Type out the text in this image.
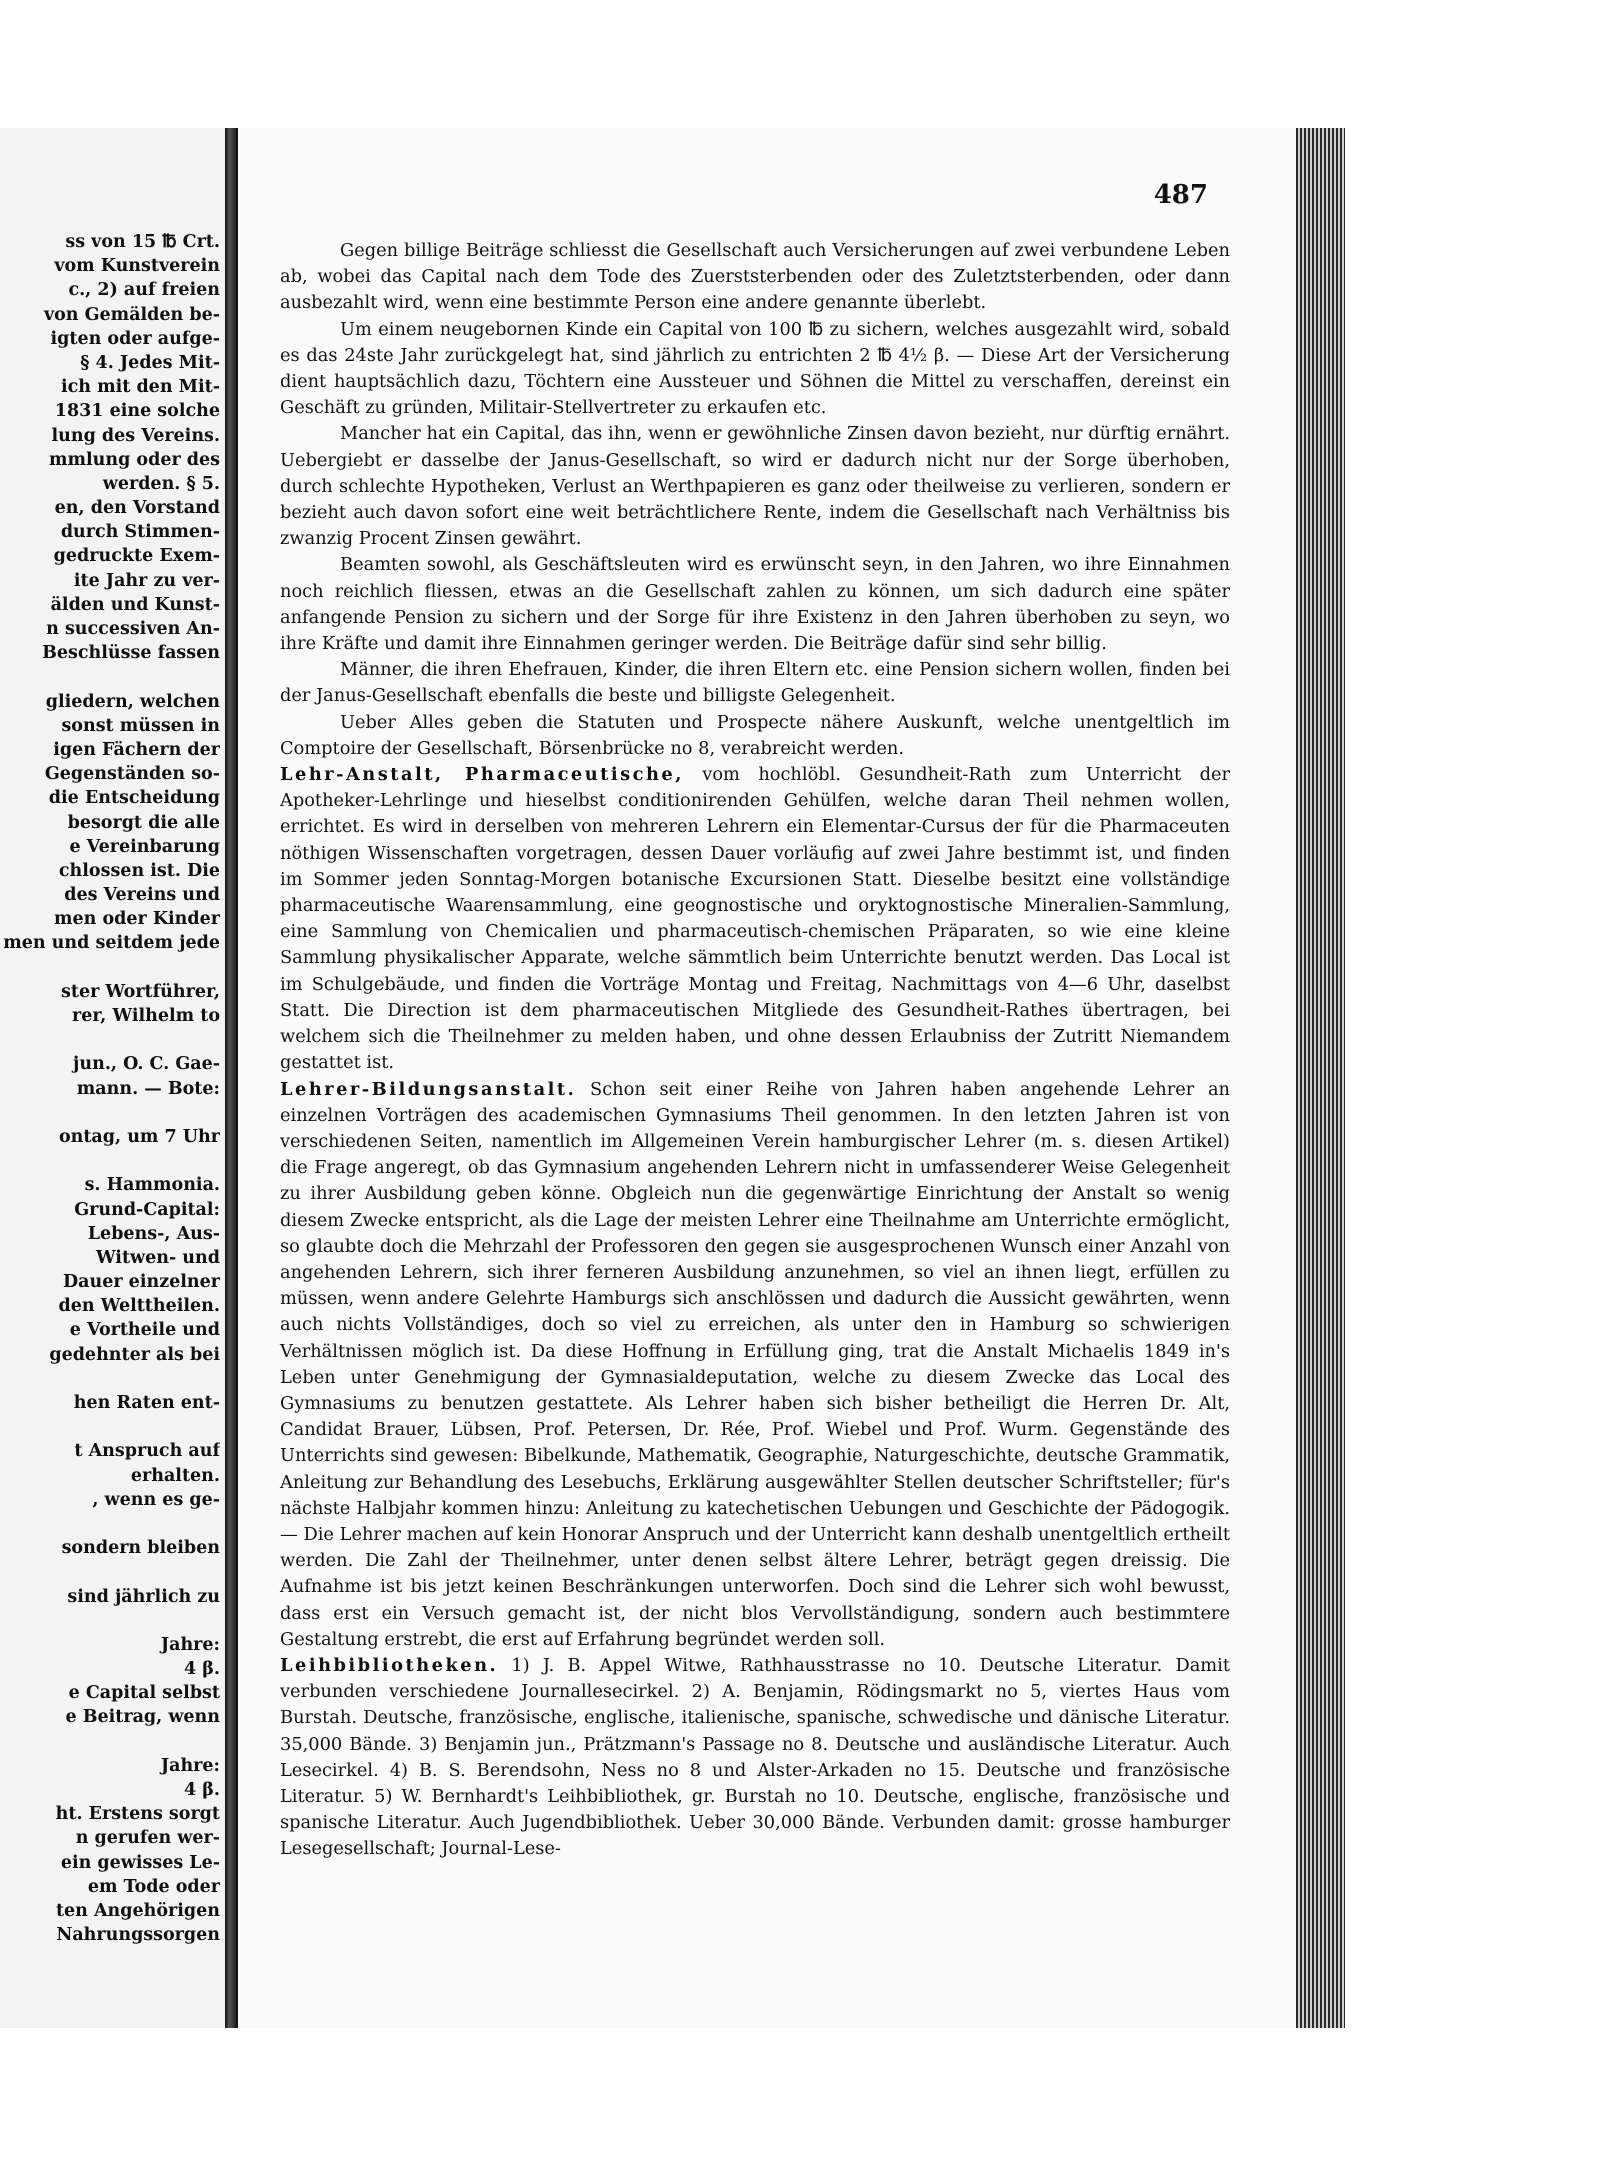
ss von 15 ℔ Crt.
vom Kunstverein
c., 2) auf freien
von Gemälden be-
igten oder aufge-
§ 4. Jedes Mit-
ich mit den Mit-
1831 eine solche
lung des Vereins.
mmlung oder des
werden. § 5.
en, den Vorstand
durch Stimmen-
gedruckte Exem-
ite Jahr zu ver-
älden und Kunst-
n successiven An-
Beschlüsse fassen
gliedern, welchen
sonst müssen in
igen Fächern der
Gegenständen so-
die Entscheidung
besorgt die alle
e Vereinbarung
chlossen ist. Die
des Vereins und
men oder Kinder
men und seitdem jede
ster Wortführer,
rer, Wilhelm to
jun., O. C. Gae-
mann. — Bote:
ontag, um 7 Uhr
s. Hammonia.
Grund-Capital:
Lebens-, Aus-
Witwen- und
Dauer einzelner
den Welttheilen.
e Vortheile und
gedehnter als bei
hen Raten ent-
t Anspruch auf
erhalten.
, wenn es ge-
sondern bleiben
sind jährlich zu
Jahre:
4 β.
e Capital selbst
e Beitrag, wenn
Jahre:
4 β.
ht. Erstens sorgt
n gerufen wer-
ein gewisses Le-
em Tode oder
ten Angehörigen
Nahrungssorgen
487

Gegen billige Beiträge schliesst die Gesellschaft auch Versicherungen auf zwei verbundene Leben ab, wobei das Capital nach dem Tode des Zuerststerbenden oder des Zuletztsterbenden, oder dann ausbezahlt wird, wenn eine bestimmte Person eine andere genannte überlebt.

Um einem neugebornen Kinde ein Capital von 100 ℔ zu sichern, welches ausgezahlt wird, sobald es das 24ste Jahr zurückgelegt hat, sind jährlich zu entrichten 2 ℔ 4½ β. — Diese Art der Versicherung dient hauptsächlich dazu, Töchtern eine Aussteuer und Söhnen die Mittel zu verschaffen, dereinst ein Geschäft zu gründen, Militair-Stellvertreter zu erkaufen etc.

Mancher hat ein Capital, das ihn, wenn er gewöhnliche Zinsen davon bezieht, nur dürftig ernährt. Uebergiebt er dasselbe der Janus-Gesellschaft, so wird er dadurch nicht nur der Sorge überhoben, durch schlechte Hypotheken, Verlust an Werthpapieren es ganz oder theilweise zu verlieren, sondern er bezieht auch davon sofort eine weit beträchtlichere Rente, indem die Gesellschaft nach Verhältniss bis zwanzig Procent Zinsen gewährt.

Beamten sowohl, als Geschäftsleuten wird es erwünscht seyn, in den Jahren, wo ihre Einnahmen noch reichlich fliessen, etwas an die Gesellschaft zahlen zu können, um sich dadurch eine später anfangende Pension zu sichern und der Sorge für ihre Existenz in den Jahren überhoben zu seyn, wo ihre Kräfte und damit ihre Einnahmen geringer werden. Die Beiträge dafür sind sehr billig.

Männer, die ihren Ehefrauen, Kinder, die ihren Eltern etc. eine Pension sichern wollen, finden bei der Janus-Gesellschaft ebenfalls die beste und billigste Gelegenheit.

Ueber Alles geben die Statuten und Prospecte nähere Auskunft, welche unentgeltlich im Comptoire der Gesellschaft, Börsenbrücke no 8, verabreicht werden.

Lehr-Anstalt, Pharmaceutische, vom hochlöbl. Gesundheit-Rath zum Unterricht der Apotheker-Lehrlinge und hieselbst conditionirenden Gehülfen, welche daran Theil nehmen wollen, errichtet. Es wird in derselben von mehreren Lehrern ein Elementar-Cursus der für die Pharmaceuten nöthigen Wissenschaften vorgetragen, dessen Dauer vorläufig auf zwei Jahre bestimmt ist, und finden im Sommer jeden Sonntag-Morgen botanische Excursionen Statt. Dieselbe besitzt eine vollständige pharmaceutische Waarensammlung, eine geognostische und oryktognostische Mineralien-Sammlung, eine Sammlung von Chemicalien und pharmaceutisch-chemischen Präparaten, so wie eine kleine Sammlung physikalischer Apparate, welche sämmtlich beim Unterrichte benutzt werden. Das Local ist im Schulgebäude, und finden die Vorträge Montag und Freitag, Nachmittags von 4—6 Uhr, daselbst Statt. Die Direction ist dem pharmaceutischen Mitgliede des Gesundheit-Rathes übertragen, bei welchem sich die Theilnehmer zu melden haben, und ohne dessen Erlaubniss der Zutritt Niemandem gestattet ist.
Lehrer-Bildungsanstalt. Schon seit einer Reihe von Jahren haben angehende Lehrer an einzelnen Vorträgen des academischen Gymnasiums Theil genommen. In den letzten Jahren ist von verschiedenen Seiten, namentlich im Allgemeinen Verein hamburgischer Lehrer (m. s. diesen Artikel) die Frage angeregt, ob das Gymnasium angehenden Lehrern nicht in umfassenderer Weise Gelegenheit zu ihrer Ausbildung geben könne. Obgleich nun die gegenwärtige Einrichtung der Anstalt so wenig diesem Zwecke entspricht, als die Lage der meisten Lehrer eine Theilnahme am Unterrichte ermöglicht, so glaubte doch die Mehrzahl der Professoren den gegen sie ausgesprochenen Wunsch einer Anzahl von angehenden Lehrern, sich ihrer ferneren Ausbildung anzunehmen, so viel an ihnen liegt, erfüllen zu müssen, wenn andere Gelehrte Hamburgs sich anschlössen und dadurch die Aussicht gewährten, wenn auch nichts Vollständiges, doch so viel zu erreichen, als unter den in Hamburg so schwierigen Verhältnissen möglich ist. Da diese Hoffnung in Erfüllung ging, trat die Anstalt Michaelis 1849 in's Leben unter Genehmigung der Gymnasialdeputation, welche zu diesem Zwecke das Local des Gymnasiums zu benutzen gestattete. Als Lehrer haben sich bisher betheiligt die Herren Dr. Alt, Candidat Brauer, Lübsen, Prof. Petersen, Dr. Rée, Prof. Wiebel und Prof. Wurm. Gegenstände des Unterrichts sind gewesen: Bibelkunde, Mathematik, Geographie, Naturgeschichte, deutsche Grammatik, Anleitung zur Behandlung des Lesebuchs, Erklärung ausgewählter Stellen deutscher Schriftsteller; für's nächste Halbjahr kommen hinzu: Anleitung zu katechetischen Uebungen und Geschichte der Pädogogik. — Die Lehrer machen auf kein Honorar Anspruch und der Unterricht kann deshalb unentgeltlich ertheilt werden. Die Zahl der Theilnehmer, unter denen selbst ältere Lehrer, beträgt gegen dreissig. Die Aufnahme ist bis jetzt keinen Beschränkungen unterworfen. Doch sind die Lehrer sich wohl bewusst, dass erst ein Versuch gemacht ist, der nicht blos Vervollständigung, sondern auch bestimmtere Gestaltung erstrebt, die erst auf Erfahrung begründet werden soll.
Leihbibliotheken. 1) J. B. Appel Witwe, Rathhausstrasse no 10. Deutsche Literatur. Damit verbunden verschiedene Journallesecirkel. 2) A. Benjamin, Rödingsmarkt no 5, viertes Haus vom Burstah. Deutsche, französische, englische, italienische, spanische, schwedische und dänische Literatur. 35,000 Bände. 3) Benjamin jun., Prätzmann's Passage no 8. Deutsche und ausländische Literatur. Auch Lesecirkel. 4) B. S. Berendsohn, Ness no 8 und Alster-Arkaden no 15. Deutsche und französische Literatur. 5) W. Bernhardt's Leihbibliothek, gr. Burstah no 10. Deutsche, englische, französische und spanische Literatur. Auch Jugendbibliothek. Ueber 30,000 Bände. Verbunden damit: grosse hamburger Lesegesellschaft; Journal-Lese-
